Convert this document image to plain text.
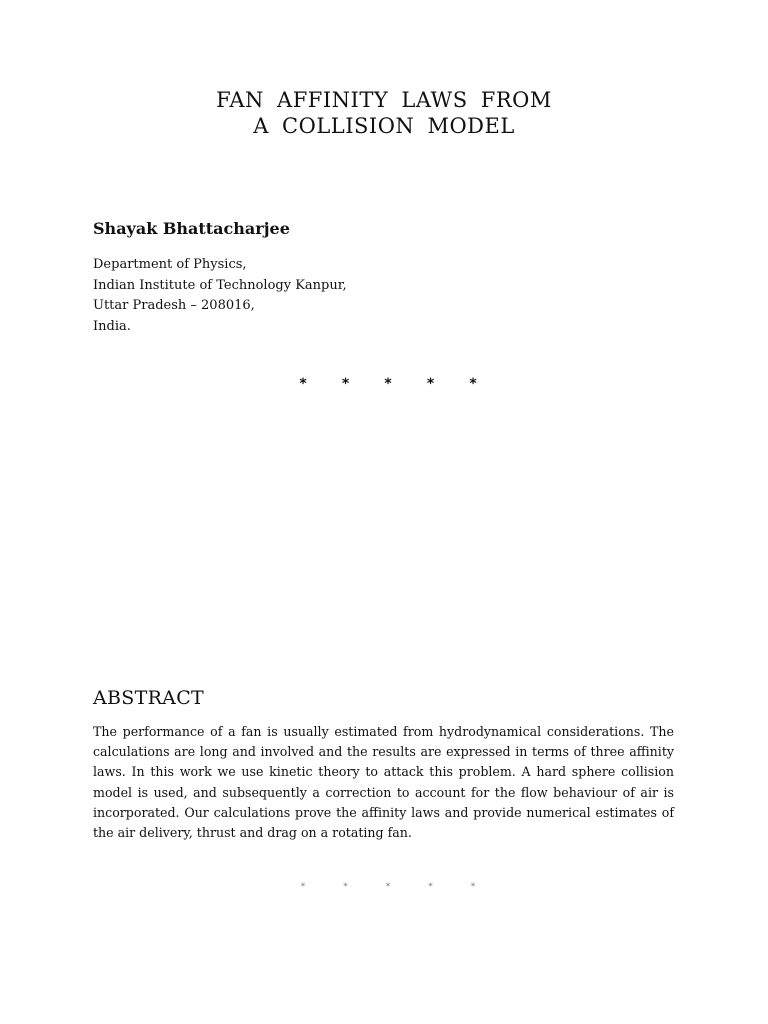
FAN AFFINITY LAWS FROM
A COLLISION MODEL
Shayak Bhattacharjee
Department of Physics,
Indian Institute of Technology Kanpur,
Uttar Pradesh – 208016,
India.
*	*	*	*	*
ABSTRACT

The performance of a fan is usually estimated from hydrodynamical considerations. The calculations are long and involved and the results are expressed in terms of three affinity laws. In this work we use kinetic theory to attack this problem. A hard sphere collision model is used, and subsequently a correction to account for the flow behaviour of air is incorporated. Our calculations prove the affinity laws and provide numerical estimates of the air delivery, thrust and drag on a rotating fan.

*	*	*	*	*
